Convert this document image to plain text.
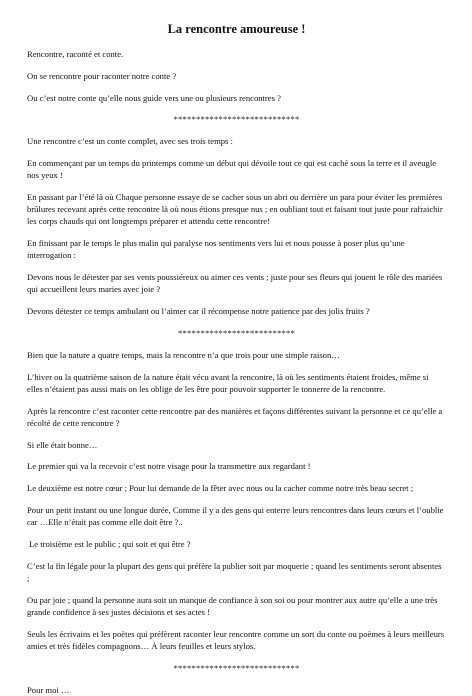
La rencontre amoureuse !

Rencontre, raconté et conte.

On se rencontre pour raconter notre conte ?

Ou c’est notre conte qu’elle nous guide vers une ou plusieurs rencontres ?

****************************

Une rencontre c’est un conte complet, avec ses trois temps :

En commençant par un temps du printemps comme un début qui dévoile tout ce qui est caché sous la terre et il aveugle nos yeux !

En passant par l’été là où Chaque personne essaye de se cacher sous un abri ou derrière un para pour éviter les premières brûlures recevant après cette rencontre là où nous étions presque nus ; en oubliant tout et faisant tout juste pour rafraichir les corps chauds qui ont longtemps préparer et attendu cette rencontre!

En finissant par le temps le plus malin qui paralyse nos sentiments vers lui et nous pousse à poser plus qu’une interrogation :

Devons nous le détester par ses vents poussiéreux ou aimer ces vents ; juste pour ses fleurs qui jouent le rôle des mariées qui accueillent leurs maries avec joie ?

Devons détester ce temps ambulant ou l’aimer car il récompense notre patience par des jolis fruits ?

**************************

Bien que la nature a quatre temps, mais la rencontre n’a que trois pour une simple raison…

L’hiver ou la quatrième saison de la nature était vécu avant la rencontre, là où les sentiments étaient froides, même si elles n’étaient pas aussi mais on les oblige de les être pour pouvoir supporter le tonnerre de la rencontre.

Après la rencontre c’est raconter cette rencontre par des manières et façons différentes suivant la personne et ce qu’elle a récolté de cette rencontre ?

Si elle était bonne…

Le premier qui va la recevoir c’est notre visage pour la transmettre aux regardant !

Le deuxième est notre cœur ; Pour lui demande de la fêter avec nous ou la cacher comme notre très beau secret ;

Pour un petit instant ou une longue durée, Comme il y a des gens qui enterre leurs rencontres dans leurs cœurs et l’oublie car …Elle n’était pas comme elle doit être ?..

Le troisième est le public ; qui soit et qui être ?

C’est la fin légale pour la plupart des gens qui préfère la publier soit par moquerie ; quand les sentiments seront absentes ;

Ou par joie ; quand la personne aura soit un manque de confiance à son soi ou pour montrer aux autre qu’elle a une très grande confidence à ses justes décisions et ses actes !

Seuls les écrivains et les poètes qui préfèrent raconter leur rencontre comme un sort du conte ou poèmes à leurs meilleurs amies et très fidèles compagnons… À leurs feuilles et leurs stylos.

****************************

Pour moi …
